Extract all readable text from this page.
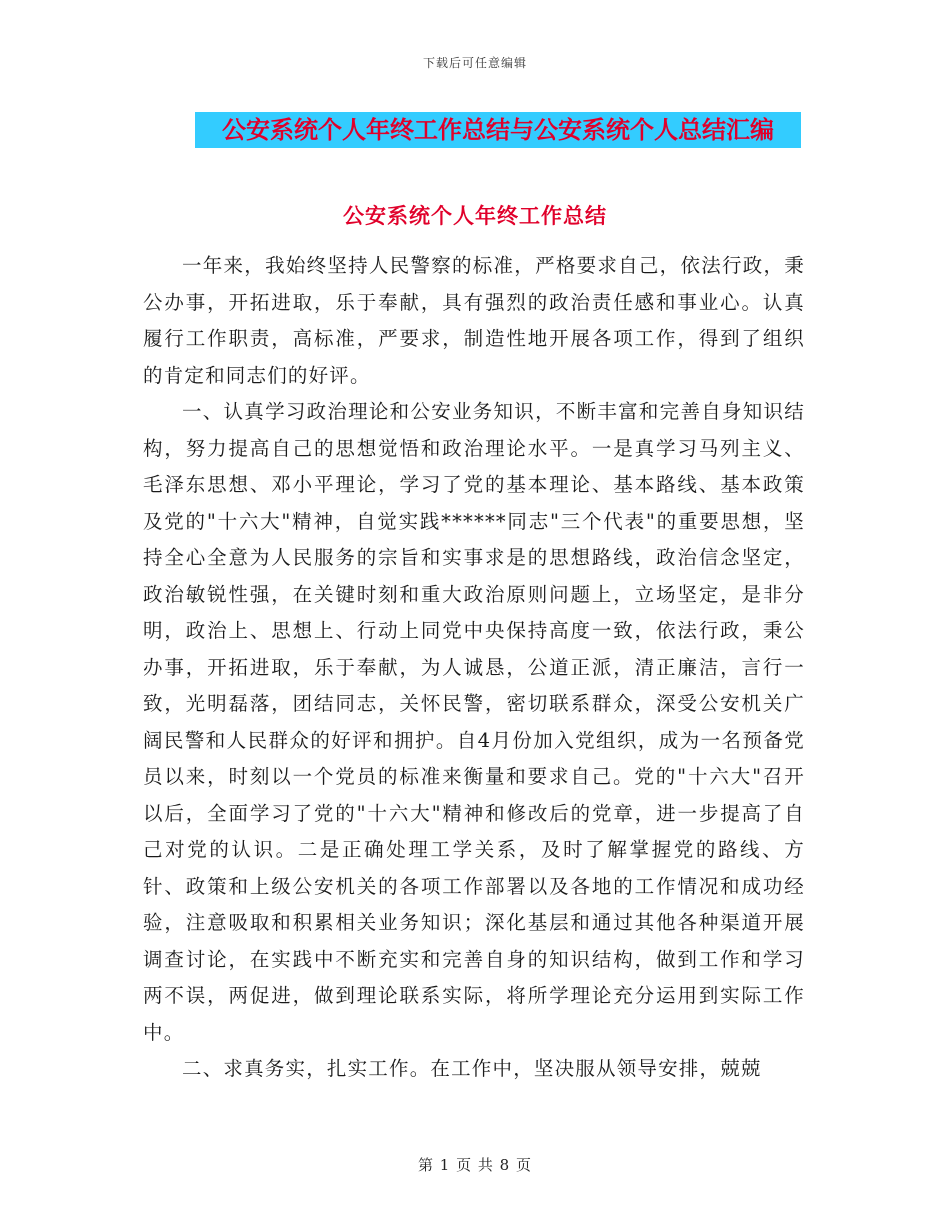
下载后可任意编辑
公安系统个人年终工作总结与公安系统个人总结汇编
公安系统个人年终工作总结

一年来，我始终坚持人民警察的标准，严格要求自己，依法行政，秉公办事，开拓进取，乐于奉献，具有强烈的政治责任感和事业心。认真履行工作职责，高标准，严要求，制造性地开展各项工作，得到了组织的肯定和同志们的好评。

一、认真学习政治理论和公安业务知识，不断丰富和完善自身知识结构，努力提高自己的思想觉悟和政治理论水平。一是真学习马列主义、毛泽东思想、邓小平理论，学习了党的基本理论、基本路线、基本政策及党的"十六大"精神，自觉实践******同志"三个代表"的重要思想，坚持全心全意为人民服务的宗旨和实事求是的思想路线，政治信念坚定，政治敏锐性强，在关键时刻和重大政治原则问题上，立场坚定，是非分明，政治上、思想上、行动上同党中央保持高度一致，依法行政，秉公办事，开拓进取，乐于奉献，为人诚恳，公道正派，清正廉洁，言行一致，光明磊落，团结同志，关怀民警，密切联系群众，深受公安机关广阔民警和人民群众的好评和拥护。自4月份加入党组织，成为一名预备党员以来，时刻以一个党员的标准来衡量和要求自己。党的"十六大"召开以后，全面学习了党的"十六大"精神和修改后的党章，进一步提高了自己对党的认识。二是正确处理工学关系，及时了解掌握党的路线、方针、政策和上级公安机关的各项工作部署以及各地的工作情况和成功经验，注意吸取和积累相关业务知识；深化基层和通过其他各种渠道开展调查讨论，在实践中不断充实和完善自身的知识结构，做到工作和学习两不误，两促进，做到理论联系实际，将所学理论充分运用到实际工作中。

二、求真务实，扎实工作。在工作中，坚决服从领导安排，兢兢

第 1 页 共 8 页
